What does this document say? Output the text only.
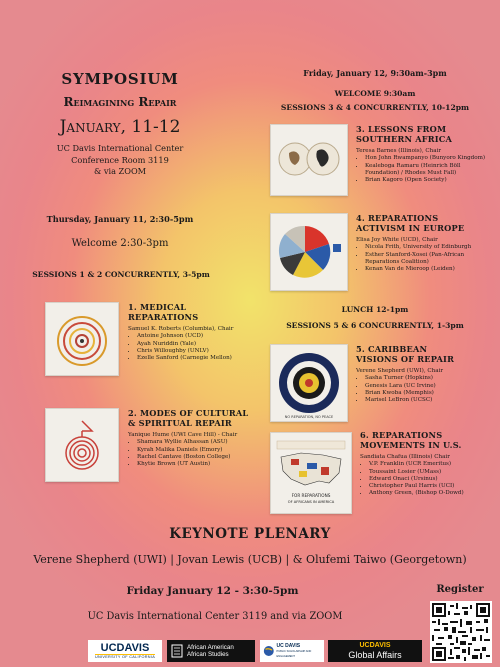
SYMPOSIUM
Reimagining Repair
January, 11-12
UC Davis International Center
Conference Room 3119
& via ZOOM
Thursday, January 11, 2:30-5pm
Welcome 2:30-3pm
SESSIONS 1 & 2 CONCURRENTLY, 3-5pm
Friday, January 12, 9:30am-3pm
WELCOME 9:30am
SESSIONS 3 & 4 CONCURRENTLY, 10-12pm
LUNCH 12-1pm
SESSIONS 5 & 6 CONCURRENTLY, 1-3pm
1. MEDICAL
REPARATIONS
Samuel K. Roberts (Columbia), Chair
• Antoine Johnson (UCD)
• Ayah Nuriddin (Yale)
• Chris Willoughby (UNLV)
• Ezelle Sanford (Carnegie Mellon)
2. MODES OF CULTURAL
& SPIRITUAL REPAIR
Yanique Hume (UWI Cave Hill) - Chair
• Shamara Wyllie Alhassan (ASU)
• Kyrah Malika Daniels (Emory)
• Rachel Cantave (Boston College)
• Khytie Brown (UT Austin)
3. LESSONS FROM
SOUTHERN AFRICA
Teresa Barnes (Illinois), Chair
• Hon John Rwampanyo (Bunyoro Kingdom)
• Kealeboga Ramaru (Heinrich Böll Foundation) / Rhodes Must Fall)
• Brian Kagoro (Open Society)
4. REPARATIONS
ACTIVISM IN EUROPE
Elisa Joy White (UCD), Chair
• Nicola Frith, University of Edinburgh
• Esther Stanford-Xosei (Pan-African Reparations Coalition)
• Kenan Van de Mieroop (Leiden)
NO REPARATION, NO PEACE
5. CARIBBEAN
VISIONS OF REPAIR
Verene Shepherd (UWI), Chair
• Sasha Turner (Hopkins)
• Genesis Lara (UC Irvine)
• Brian Kwoba (Memphis)
• Marisel LeBron (UCSC)
FOR REPARATIONS
OF AFRICANS IN AMERICA
6. REPARATIONS
MOVEMENTS IN U.S.
Sandiata Chafua (Illinois) Chair
• V.P. Franklin (UCR Emeritus)
• Toussaint Losier (UMass)
• Edward Onaci (Ursinus)
• Christopher Paul Harris (UCI)
• Anthony Green, (Bishop O-Dowd)
KEYNOTE PLENARY
Verene Shepherd (UWI) | Jovan Lewis (UCB) | & Olufemi Taiwo (Georgetown)
Friday January 12 - 3:30-5pm
UC Davis International Center 3119 and via ZOOM
Register
UCDAVIS
UNIVERSITY OF CALIFORNIA
African American
African Studies
UC DAVIS
PUBLIC SCHOLARSHIP AND ENGAGEMENT
UCDAVIS
Global Affairs
